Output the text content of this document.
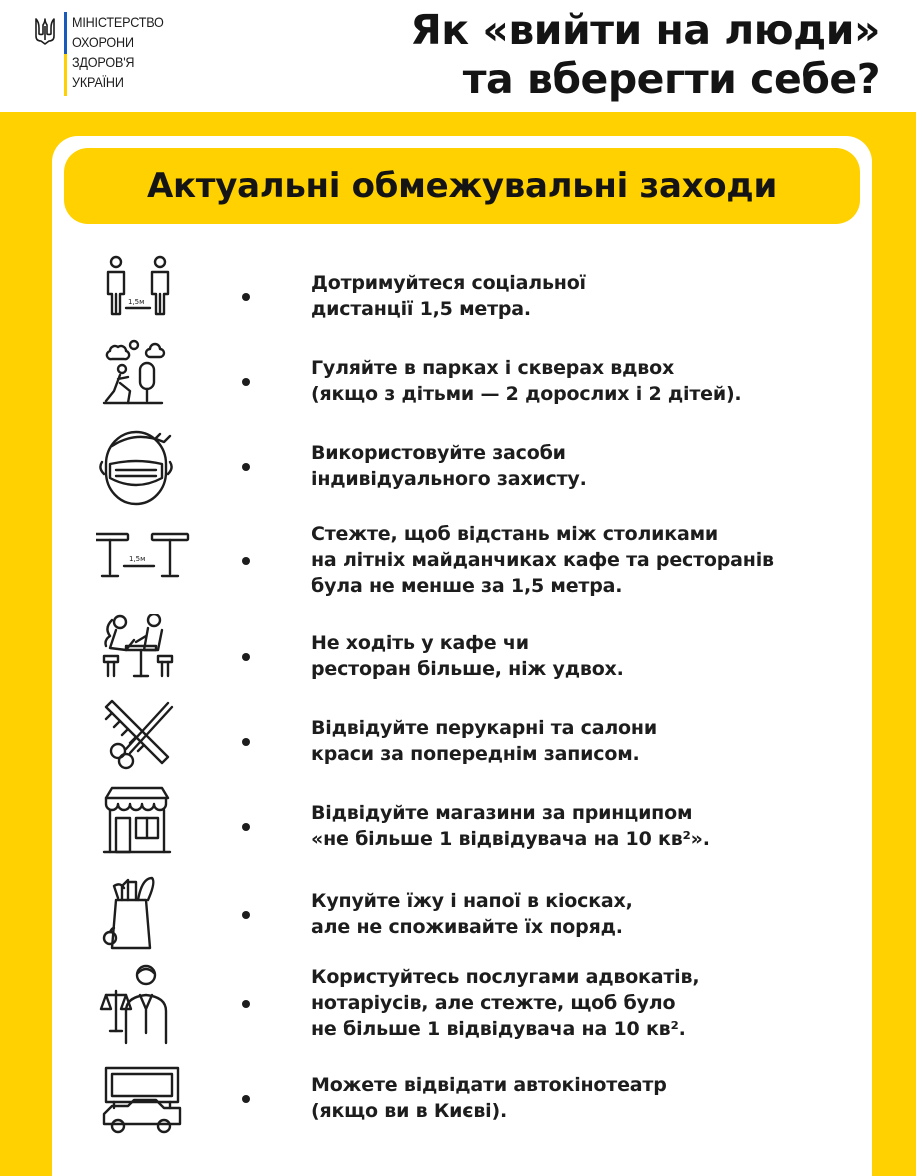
МІНІСТЕРСТВО
ОХОРОНИ
ЗДОРОВ'Я
УКРАЇНИ
Як «вийти на люди»
та вберегти себе?
Актуальні обмежувальні заходи
1,5м
Дотримуйтеся соціальної
дистанції 1,5 метра.
Гуляйте в парках і скверах вдвох
(якщо з дітьми — 2 дорослих і 2 дітей).
Використовуйте засоби
індивідуального захисту.
1,5м
Стежте, щоб відстань між столиками
на літніх майданчиках кафе та ресторанів
була не менше за 1,5 метра.
Не ходіть у кафе чи
ресторан більше, ніж удвох.
Відвідуйте перукарні та салони
краси за попереднім записом.
Відвідуйте магазини за принципом
«не більше 1 відвідувача на 10 кв²».
Купуйте їжу і напої в кіосках,
але не споживайте їх поряд.
Користуйтесь послугами адвокатів,
нотаріусів, але стежте, щоб було
не більше 1 відвідувача на 10 кв².
Можете відвідати автокінотеатр
(якщо ви в Києві).
